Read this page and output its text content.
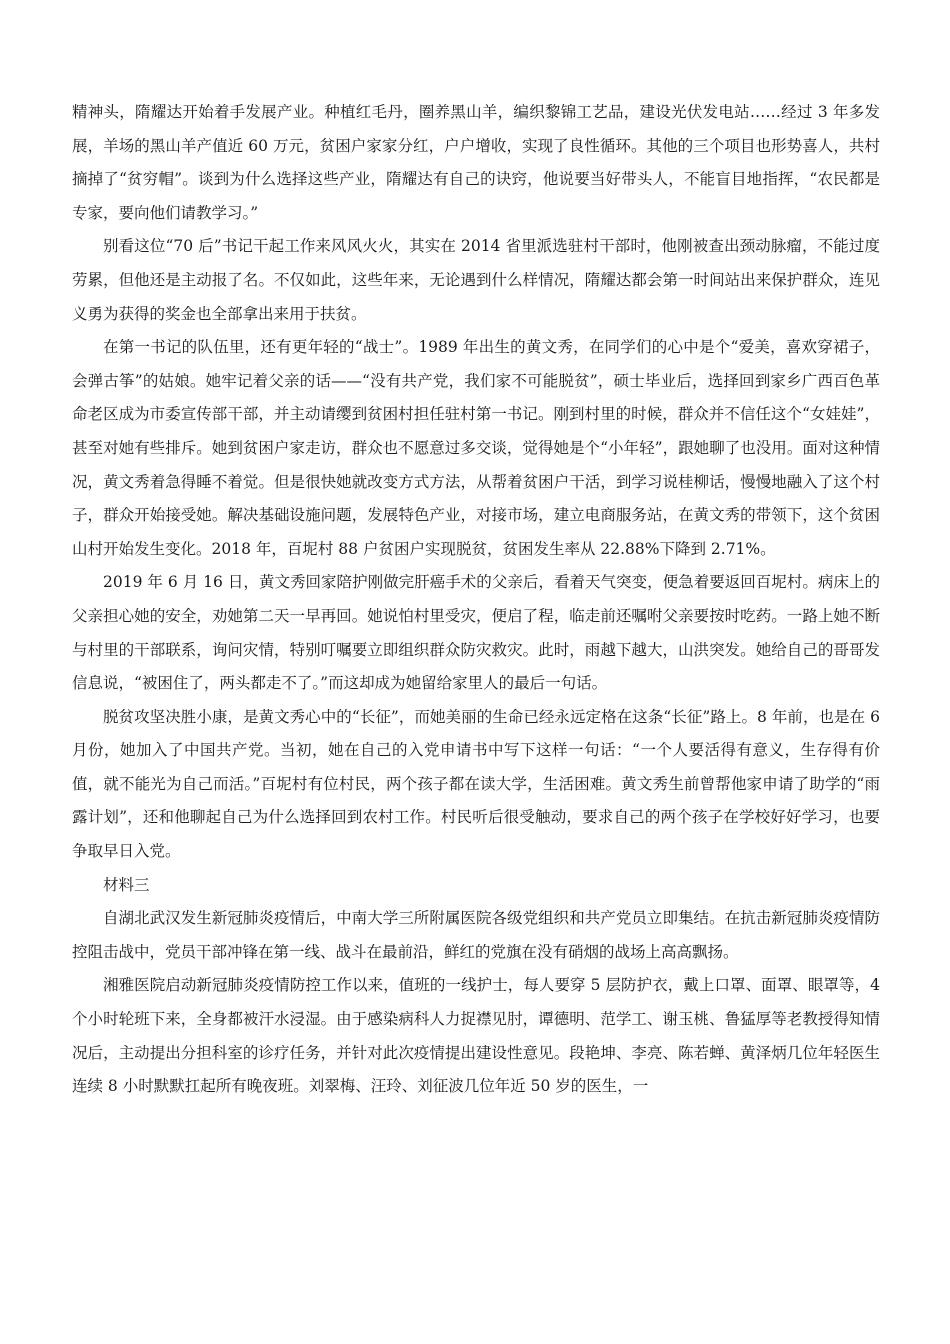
精神头，隋耀达开始着手发展产业。种植红毛丹，圈养黑山羊，编织黎锦工艺品，建设光伏发电站……经过 3 年多发展，羊场的黑山羊产值近 60 万元，贫困户家家分红，户户增收，实现了良性循环。其他的三个项目也形势喜人，共村摘掉了“贫穷帽”。谈到为什么选择这些产业，隋耀达有自己的诀窍，他说要当好带头人，不能盲目地指挥，“农民都是专家，要向他们请教学习。”

别看这位“70 后”书记干起工作来风风火火，其实在 2014 省里派选驻村干部时，他刚被查出颈动脉瘤，不能过度劳累，但他还是主动报了名。不仅如此，这些年来，无论遇到什么样情况，隋耀达都会第一时间站出来保护群众，连见义勇为获得的奖金也全部拿出来用于扶贫。

在第一书记的队伍里，还有更年轻的“战士”。1989 年出生的黄文秀，在同学们的心中是个“爱美，喜欢穿裙子，会弹古筝”的姑娘。她牢记着父亲的话——“没有共产党，我们家不可能脱贫”，硕士毕业后，选择回到家乡广西百色革命老区成为市委宣传部干部，并主动请缨到贫困村担任驻村第一书记。刚到村里的时候，群众并不信任这个“女娃娃”，甚至对她有些排斥。她到贫困户家走访，群众也不愿意过多交谈，觉得她是个“小年轻”，跟她聊了也没用。面对这种情况，黄文秀着急得睡不着觉。但是很快她就改变方式方法，从帮着贫困户干活，到学习说桂柳话，慢慢地融入了这个村子，群众开始接受她。解决基础设施问题，发展特色产业，对接市场，建立电商服务站，在黄文秀的带领下，这个贫困山村开始发生变化。2018 年，百坭村 88 户贫困户实现脱贫，贫困发生率从 22.88%下降到 2.71%。

2019 年 6 月 16 日，黄文秀回家陪护刚做完肝癌手术的父亲后，看着天气突变，便急着要返回百坭村。病床上的父亲担心她的安全，劝她第二天一早再回。她说怕村里受灾，便启了程，临走前还嘱咐父亲要按时吃药。一路上她不断与村里的干部联系，询问灾情，特别叮嘱要立即组织群众防灾救灾。此时，雨越下越大，山洪突发。她给自己的哥哥发信息说，“被困住了，两头都走不了。”而这却成为她留给家里人的最后一句话。

脱贫攻坚决胜小康，是黄文秀心中的“长征”，而她美丽的生命已经永远定格在这条“长征”路上。8 年前，也是在 6 月份，她加入了中国共产党。当初，她在自己的入党申请书中写下这样一句话：“一个人要活得有意义，生存得有价值，就不能光为自己而活。”百坭村有位村民，两个孩子都在读大学，生活困难。黄文秀生前曾帮他家申请了助学的“雨露计划”，还和他聊起自己为什么选择回到农村工作。村民听后很受触动，要求自己的两个孩子在学校好好学习，也要争取早日入党。

材料三

自湖北武汉发生新冠肺炎疫情后，中南大学三所附属医院各级党组织和共产党员立即集结。在抗击新冠肺炎疫情防控阻击战中，党员干部冲锋在第一线、战斗在最前沿，鲜红的党旗在没有硝烟的战场上高高飘扬。

湘雅医院启动新冠肺炎疫情防控工作以来，值班的一线护士，每人要穿 5 层防护衣，戴上口罩、面罩、眼罩等，4 个小时轮班下来，全身都被汗水浸湿。由于感染病科人力捉襟见肘，谭德明、范学工、谢玉桃、鲁猛厚等老教授得知情况后，主动提出分担科室的诊疗任务，并针对此次疫情提出建设性意见。段艳坤、李亮、陈若蝉、黄泽炳几位年轻医生连续 8 小时默默扛起所有晚夜班。刘翠梅、汪玲、刘征波几位年近 50 岁的医生，一
